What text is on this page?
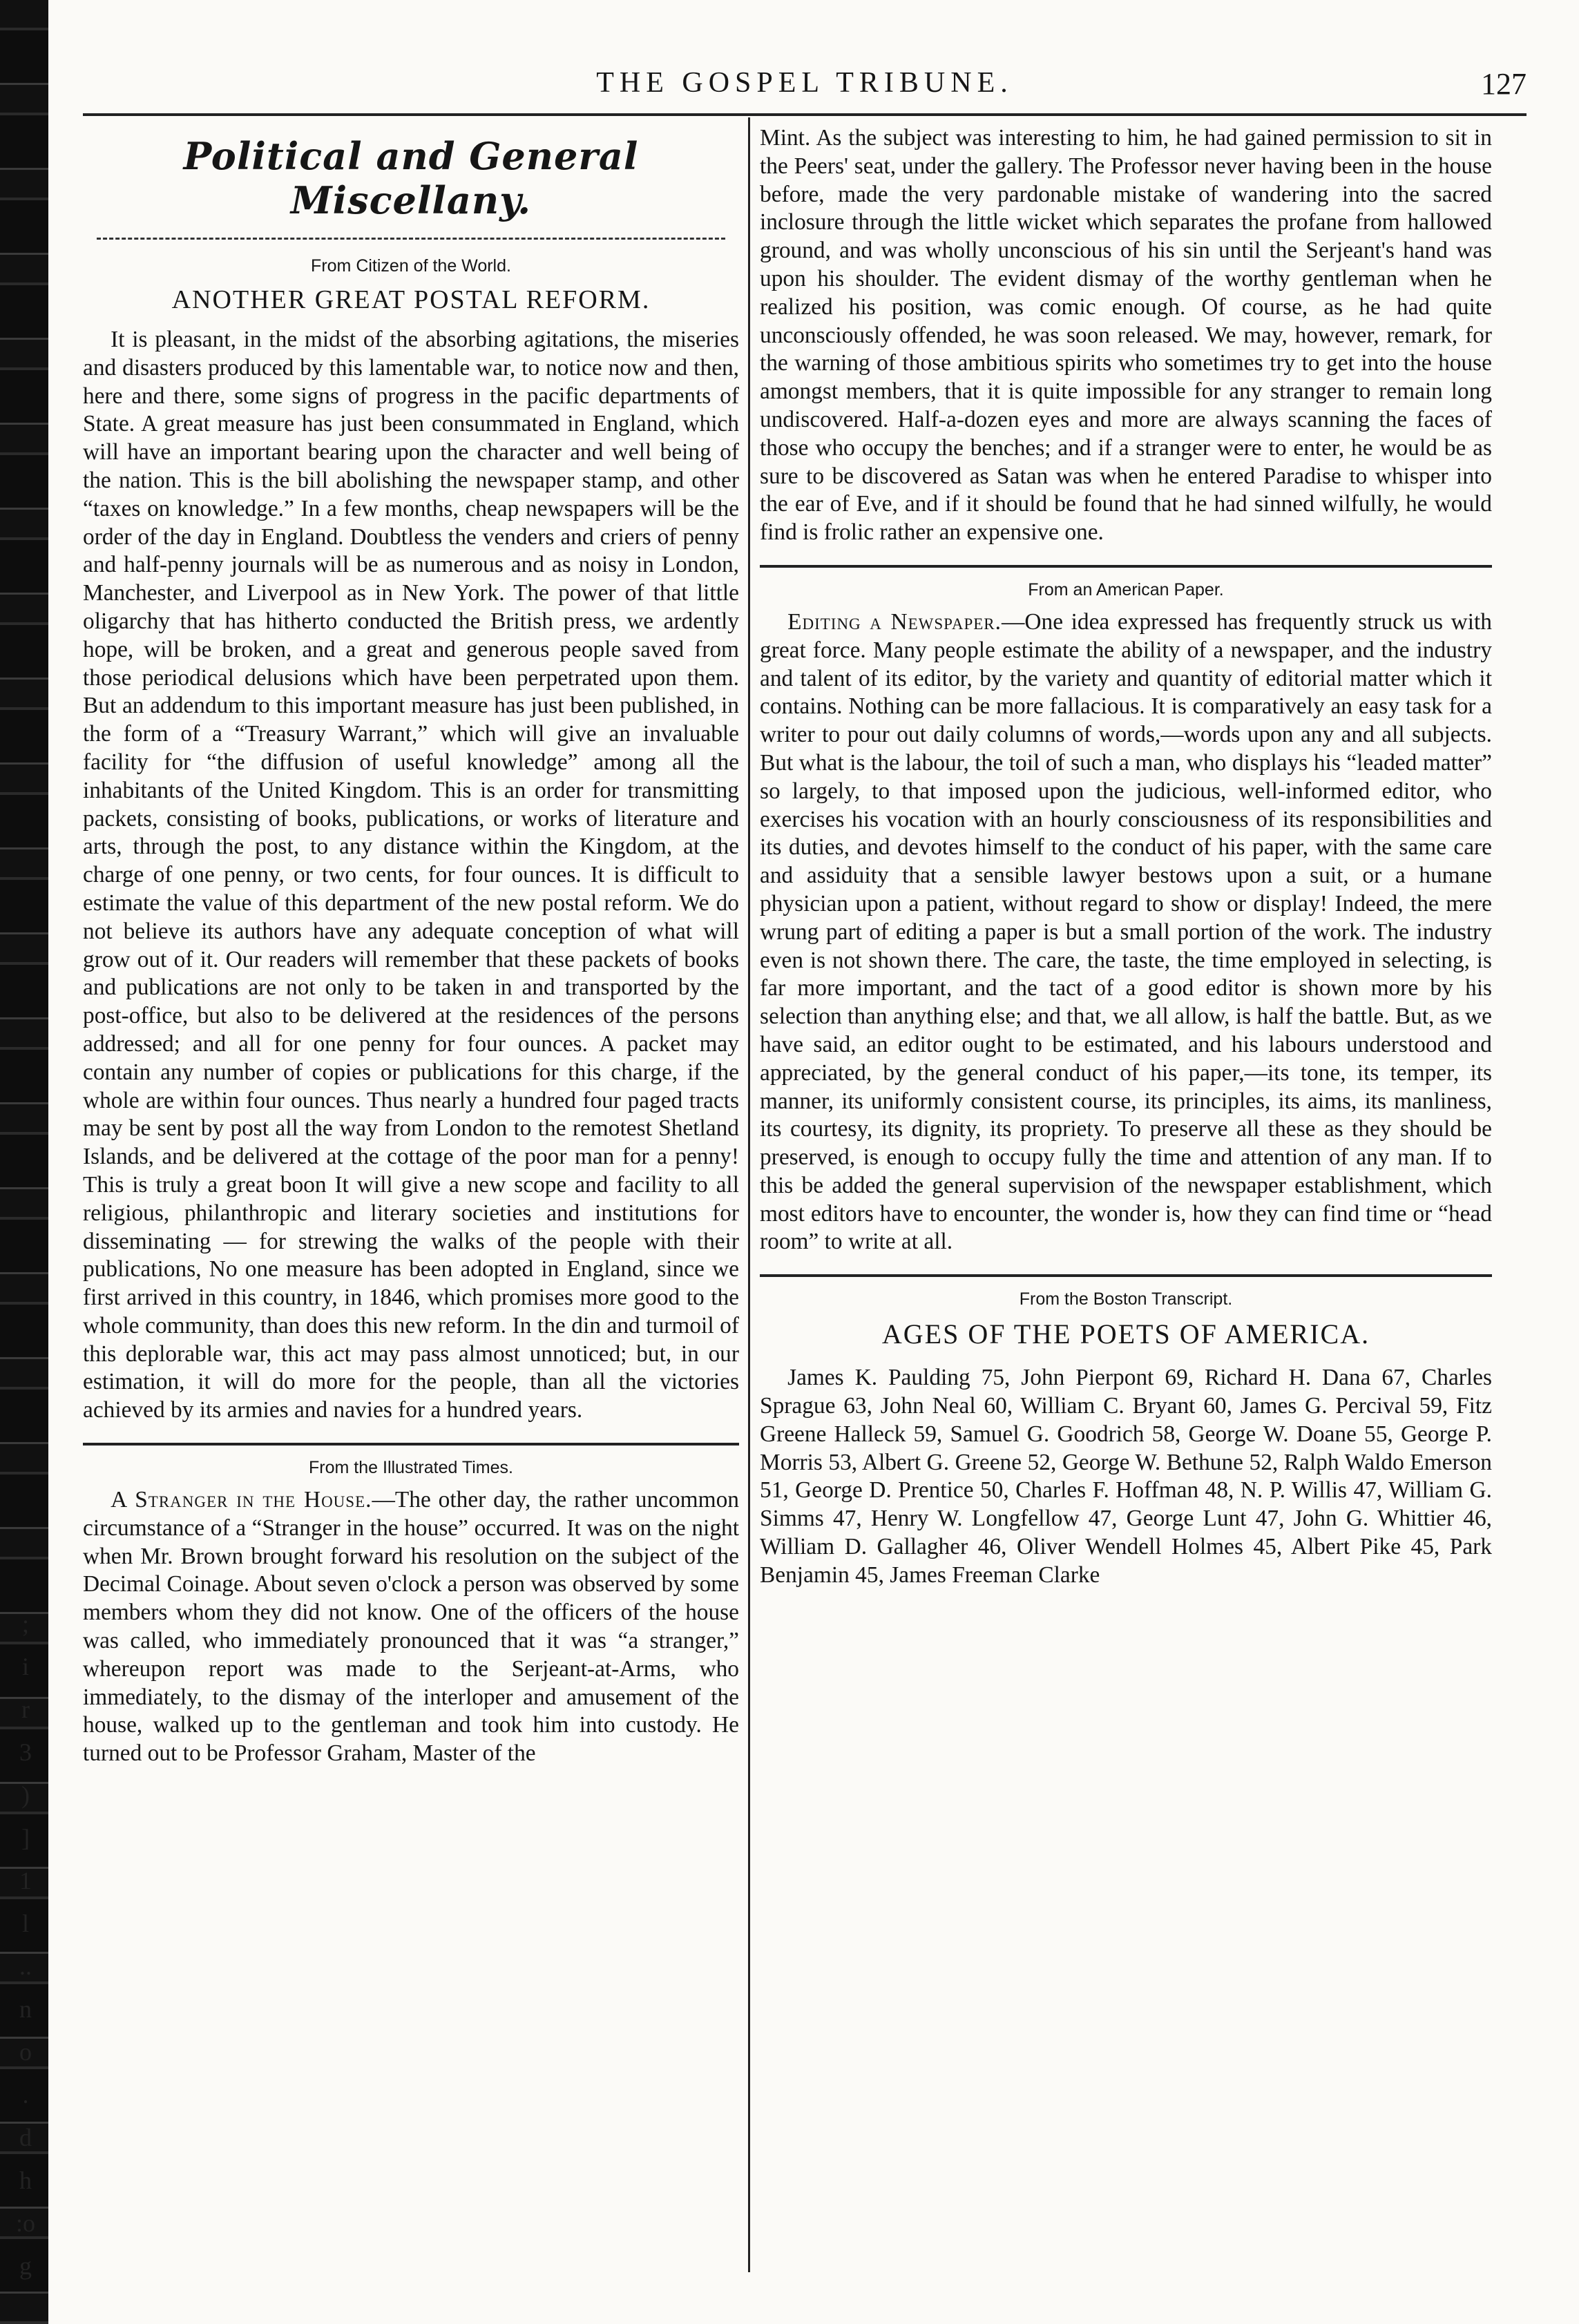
;
i
r
3
)
]
1
l
..
n
o
.
d
h
:o
g
THE GOSPEL TRIBUNE.	127
Political and General Miscellany.
From Citizen of the World.
ANOTHER GREAT POSTAL REFORM.

It is pleasant, in the midst of the absorbing agitations, the miseries and disasters produced by this lamentable war, to notice now and then, here and there, some signs of progress in the pacific departments of State. A great measure has just been consummated in England, which will have an important bearing upon the character and well being of the nation. This is the bill abolishing the newspaper stamp, and other “taxes on knowledge.” In a few months, cheap newspapers will be the order of the day in England. Doubtless the venders and criers of penny and half-penny journals will be as numerous and as noisy in London, Manchester, and Liverpool as in New York. The power of that little oligarchy that has hitherto conducted the British press, we ardently hope, will be broken, and a great and generous people saved from those periodical delusions which have been perpetrated upon them. But an addendum to this important measure has just been published, in the form of a “Treasury Warrant,” which will give an invaluable facility for “the diffusion of useful knowledge” among all the inhabitants of the United Kingdom. This is an order for transmitting packets, consisting of books, publications, or works of literature and arts, through the post, to any distance within the Kingdom, at the charge of one penny, or two cents, for four ounces. It is difficult to estimate the value of this department of the new postal reform. We do not believe its authors have any adequate conception of what will grow out of it. Our readers will remember that these packets of books and publications are not only to be taken in and transported by the post-office, but also to be delivered at the residences of the persons addressed; and all for one penny for four ounces. A packet may contain any number of copies or publications for this charge, if the whole are within four ounces. Thus nearly a hundred four paged tracts may be sent by post all the way from London to the remotest Shetland Islands, and be delivered at the cottage of the poor man for a penny! This is truly a great boon It will give a new scope and facility to all religious, philanthropic and literary societies and institutions for disseminating — for strewing the walks of the people with their publications, No one measure has been adopted in England, since we first arrived in this country, in 1846, which promises more good to the whole community, than does this new reform. In the din and turmoil of this deplorable war, this act may pass almost unnoticed; but, in our estimation, it will do more for the people, than all the victories achieved by its armies and navies for a hundred years.

From the Illustrated Times.

A Stranger in the House.—The other day, the rather uncommon circumstance of a “Stranger in the house” occurred. It was on the night when Mr. Brown brought forward his resolution on the subject of the Decimal Coinage. About seven o'clock a person was observed by some members whom they did not know. One of the officers of the house was called, who immediately pronounced that it was “a stranger,” whereupon report was made to the Serjeant-at-Arms, who immediately, to the dismay of the interloper and amusement of the house, walked up to the gentleman and took him into custody. He turned out to be Professor Graham, Master of the

Mint. As the subject was interesting to him, he had gained permission to sit in the Peers' seat, under the gallery. The Professor never having been in the house before, made the very pardonable mistake of wandering into the sacred inclosure through the little wicket which separates the profane from hallowed ground, and was wholly unconscious of his sin until the Serjeant's hand was upon his shoulder. The evident dismay of the worthy gentleman when he realized his position, was comic enough. Of course, as he had quite unconsciously offended, he was soon released. We may, however, remark, for the warning of those ambitious spirits who sometimes try to get into the house amongst members, that it is quite impossible for any stranger to remain long undiscovered. Half-a-dozen eyes and more are always scanning the faces of those who occupy the benches; and if a stranger were to enter, he would be as sure to be discovered as Satan was when he entered Paradise to whisper into the ear of Eve, and if it should be found that he had sinned wilfully, he would find is frolic rather an expensive one.

From an American Paper.

Editing a Newspaper.—One idea expressed has frequently struck us with great force. Many people estimate the ability of a newspaper, and the industry and talent of its editor, by the variety and quantity of editorial matter which it contains. Nothing can be more fallacious. It is comparatively an easy task for a writer to pour out daily columns of words,—words upon any and all subjects. But what is the labour, the toil of such a man, who displays his “leaded matter” so largely, to that imposed upon the judicious, well-informed editor, who exercises his vocation with an hourly consciousness of its responsibilities and its duties, and devotes himself to the conduct of his paper, with the same care and assiduity that a sensible lawyer bestows upon a suit, or a humane physician upon a patient, without regard to show or display! Indeed, the mere wrung part of editing a paper is but a small portion of the work. The industry even is not shown there. The care, the taste, the time employed in selecting, is far more important, and the tact of a good editor is shown more by his selection than anything else; and that, we all allow, is half the battle. But, as we have said, an editor ought to be estimated, and his labours understood and appreciated, by the general conduct of his paper,—its tone, its temper, its manner, its uniformly consistent course, its principles, its aims, its manliness, its courtesy, its dignity, its propriety. To preserve all these as they should be preserved, is enough to occupy fully the time and attention of any man. If to this be added the general supervision of the newspaper establishment, which most editors have to encounter, the wonder is, how they can find time or “head room” to write at all.

From the Boston Transcript.
AGES OF THE POETS OF AMERICA.

James K. Paulding 75, John Pierpont 69, Richard H. Dana 67, Charles Sprague 63, John Neal 60, William C. Bryant 60, James G. Percival 59, Fitz Greene Halleck 59, Samuel G. Goodrich 58, George W. Doane 55, George P. Morris 53, Albert G. Greene 52, George W. Bethune 52, Ralph Waldo Emerson 51, George D. Prentice 50, Charles F. Hoffman 48, N. P. Willis 47, William G. Simms 47, Henry W. Longfellow 47, George Lunt 47, John G. Whittier 46, William D. Gallagher 46, Oliver Wendell Holmes 45, Albert Pike 45, Park Benjamin 45, James Freeman Clarke
